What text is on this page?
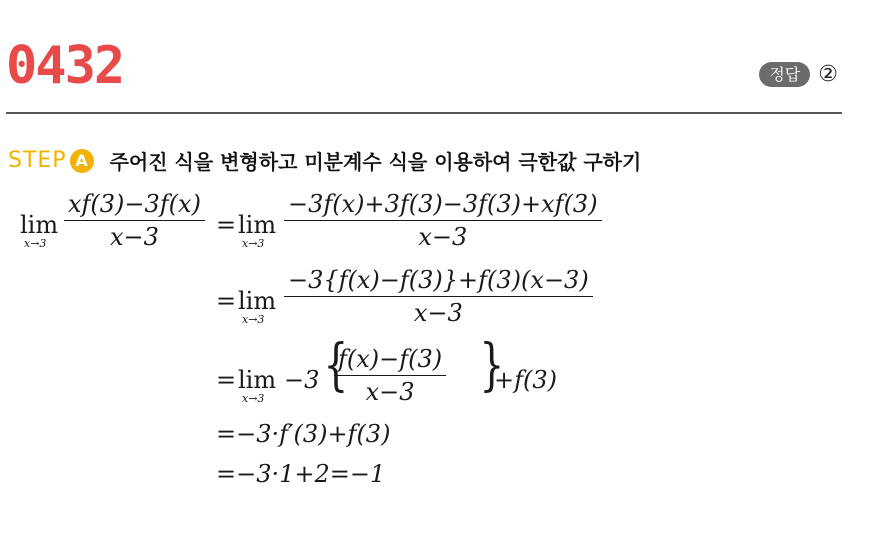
0432	정답 ②
STEP A 주어진 식을 변형하고 미분계수 식을 이용하여 극한값 구하기
lim
$x\to 3 \frac{xf(3)-3f(x)}{x-3} = \lim$
$x\to 3 \frac{-3f(x)+3f(3)-3f(3)+xf(3)}{x-3}$
= lim
$x\to 3 \frac{-3\{f(x)-f(3)\}+f(3)(x-3)}{x-3}$
= lim
x→3
−3 {
$\frac{f(x)-f(3)}{x-3}$ }
+f(3)
=−3·f′(3)+f(3)
=−3·1+2=−1
